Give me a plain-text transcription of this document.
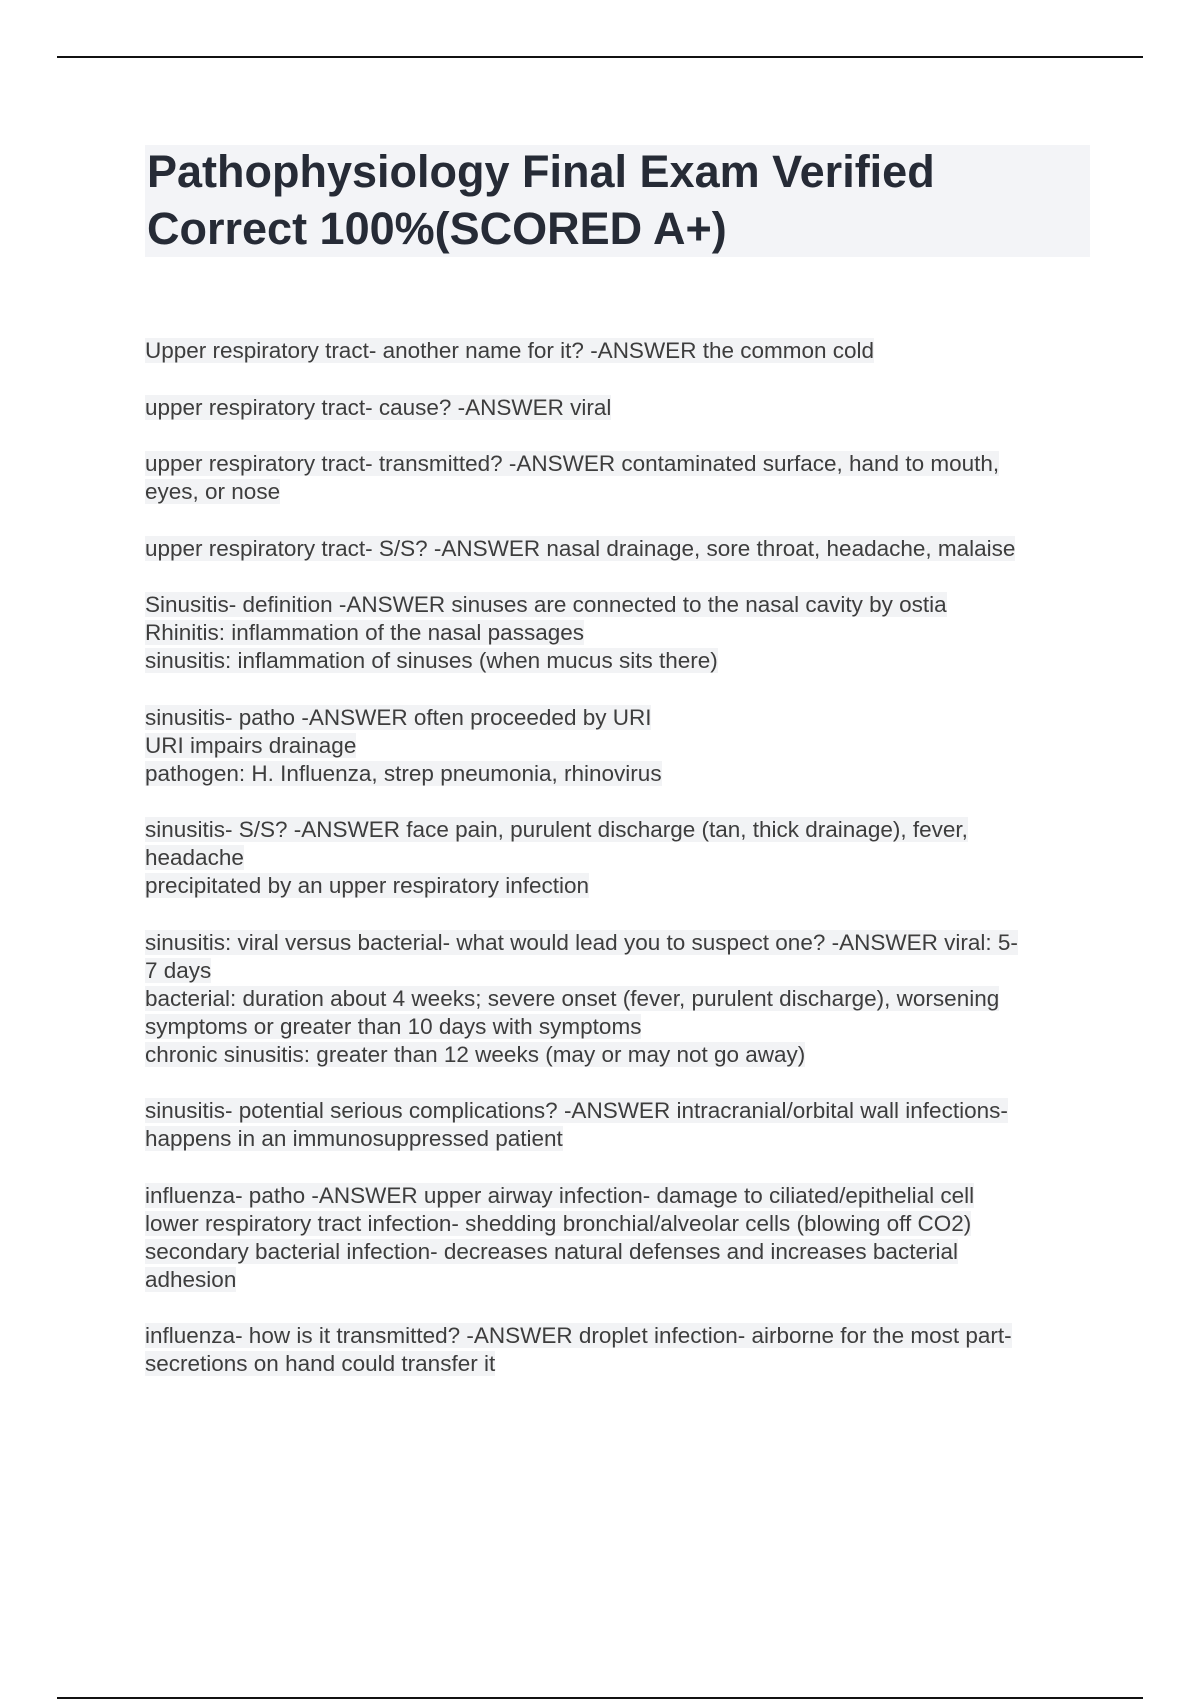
Pathophysiology Final Exam Verified
Correct 100%(SCORED A+)
Upper respiratory tract- another name for it? -ANSWER the common cold
upper respiratory tract- cause? -ANSWER viral
upper respiratory tract- transmitted? -ANSWER contaminated surface, hand to mouth,
eyes, or nose
upper respiratory tract- S/S? -ANSWER nasal drainage, sore throat, headache, malaise
Sinusitis- definition -ANSWER sinuses are connected to the nasal cavity by ostia
Rhinitis: inflammation of the nasal passages
sinusitis: inflammation of sinuses (when mucus sits there)
sinusitis- patho -ANSWER often proceeded by URI
URI impairs drainage
pathogen: H. Influenza, strep pneumonia, rhinovirus
sinusitis- S/S? -ANSWER face pain, purulent discharge (tan, thick drainage), fever,
headache
precipitated by an upper respiratory infection
sinusitis: viral versus bacterial- what would lead you to suspect one? -ANSWER viral: 5-
7 days
bacterial: duration about 4 weeks; severe onset (fever, purulent discharge), worsening
symptoms or greater than 10 days with symptoms
chronic sinusitis: greater than 12 weeks (may or may not go away)
sinusitis- potential serious complications? -ANSWER intracranial/orbital wall infections-
happens in an immunosuppressed patient
influenza- patho -ANSWER upper airway infection- damage to ciliated/epithelial cell
lower respiratory tract infection- shedding bronchial/alveolar cells (blowing off CO2)
secondary bacterial infection- decreases natural defenses and increases bacterial
adhesion
influenza- how is it transmitted? -ANSWER droplet infection- airborne for the most part-
secretions on hand could transfer it
